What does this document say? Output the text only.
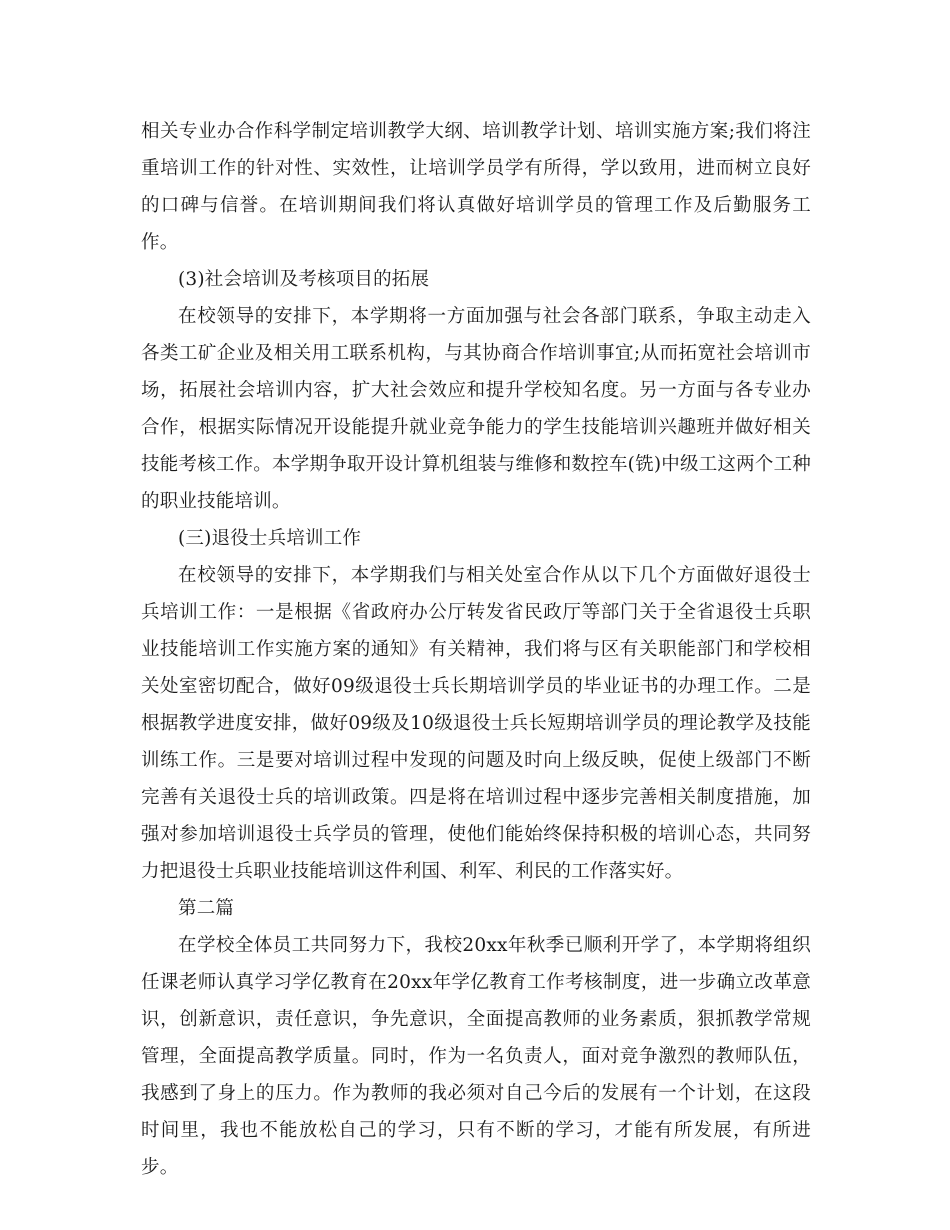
相关专业办合作科学制定培训教学大纲、培训教学计划、培训实施方案;我们将注重培训工作的针对性、实效性，让培训学员学有所得，学以致用，进而树立良好的口碑与信誉。在培训期间我们将认真做好培训学员的管理工作及后勤服务工作。

(3)社会培训及考核项目的拓展

在校领导的安排下，本学期将一方面加强与社会各部门联系，争取主动走入各类工矿企业及相关用工联系机构，与其协商合作培训事宜;从而拓宽社会培训市场，拓展社会培训内容，扩大社会效应和提升学校知名度。另一方面与各专业办合作，根据实际情况开设能提升就业竞争能力的学生技能培训兴趣班并做好相关技能考核工作。本学期争取开设计算机组装与维修和数控车(铣)中级工这两个工种的职业技能培训。

(三)退役士兵培训工作

在校领导的安排下，本学期我们与相关处室合作从以下几个方面做好退役士兵培训工作：一是根据《省政府办公厅转发省民政厅等部门关于全省退役士兵职业技能培训工作实施方案的通知》有关精神，我们将与区有关职能部门和学校相关处室密切配合，做好09级退役士兵长期培训学员的毕业证书的办理工作。二是根据教学进度安排，做好09级及10级退役士兵长短期培训学员的理论教学及技能训练工作。三是要对培训过程中发现的问题及时向上级反映，促使上级部门不断完善有关退役士兵的培训政策。四是将在培训过程中逐步完善相关制度措施，加强对参加培训退役士兵学员的管理，使他们能始终保持积极的培训心态，共同努力把退役士兵职业技能培训这件利国、利军、利民的工作落实好。

第二篇

在学校全体员工共同努力下，我校20xx年秋季已顺利开学了，本学期将组织任课老师认真学习学亿教育在20xx年学亿教育工作考核制度，进一步确立改革意识，创新意识，责任意识，争先意识，全面提高教师的业务素质，狠抓教学常规管理，全面提高教学质量。同时，作为一名负责人，面对竞争激烈的教师队伍，我感到了身上的压力。作为教师的我必须对自己今后的发展有一个计划，在这段时间里，我也不能放松自己的学习，只有不断的学习，才能有所发展，有所进步。
